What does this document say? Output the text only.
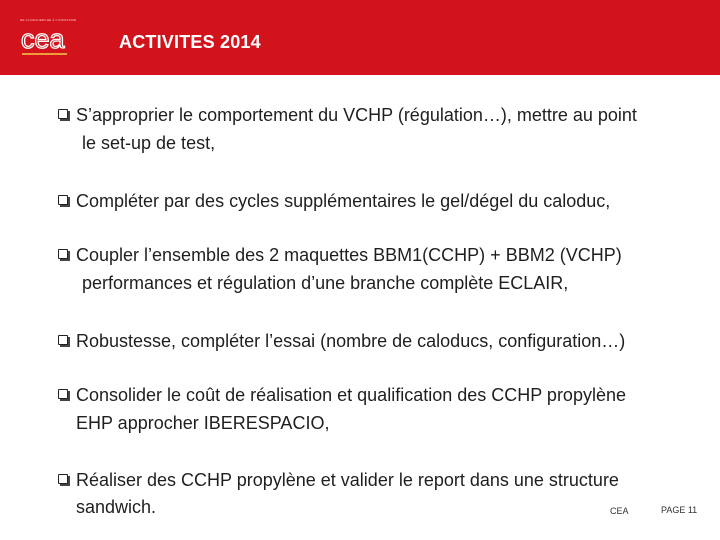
DE LA RECHERCHE À L'INDUSTRIE
cea	ACTIVITES 2014
S’approprier le comportement du VCHP (régulation…), mettre au point
le set-up de test,
Compléter par des cycles supplémentaires le gel/dégel du caloduc,
Coupler l’ensemble des 2 maquettes BBM1(CCHP) + BBM2 (VCHP)
performances et régulation d’une branche complète ECLAIR,
Robustesse, compléter l’essai (nombre de caloducs, configuration…)
Consolider le coût de réalisation et qualification des CCHP propylène
EHP approcher IBERESPACIO,
Réaliser des CCHP propylène et valider le report dans une structure
sandwich.	CEA	PAGE 11
